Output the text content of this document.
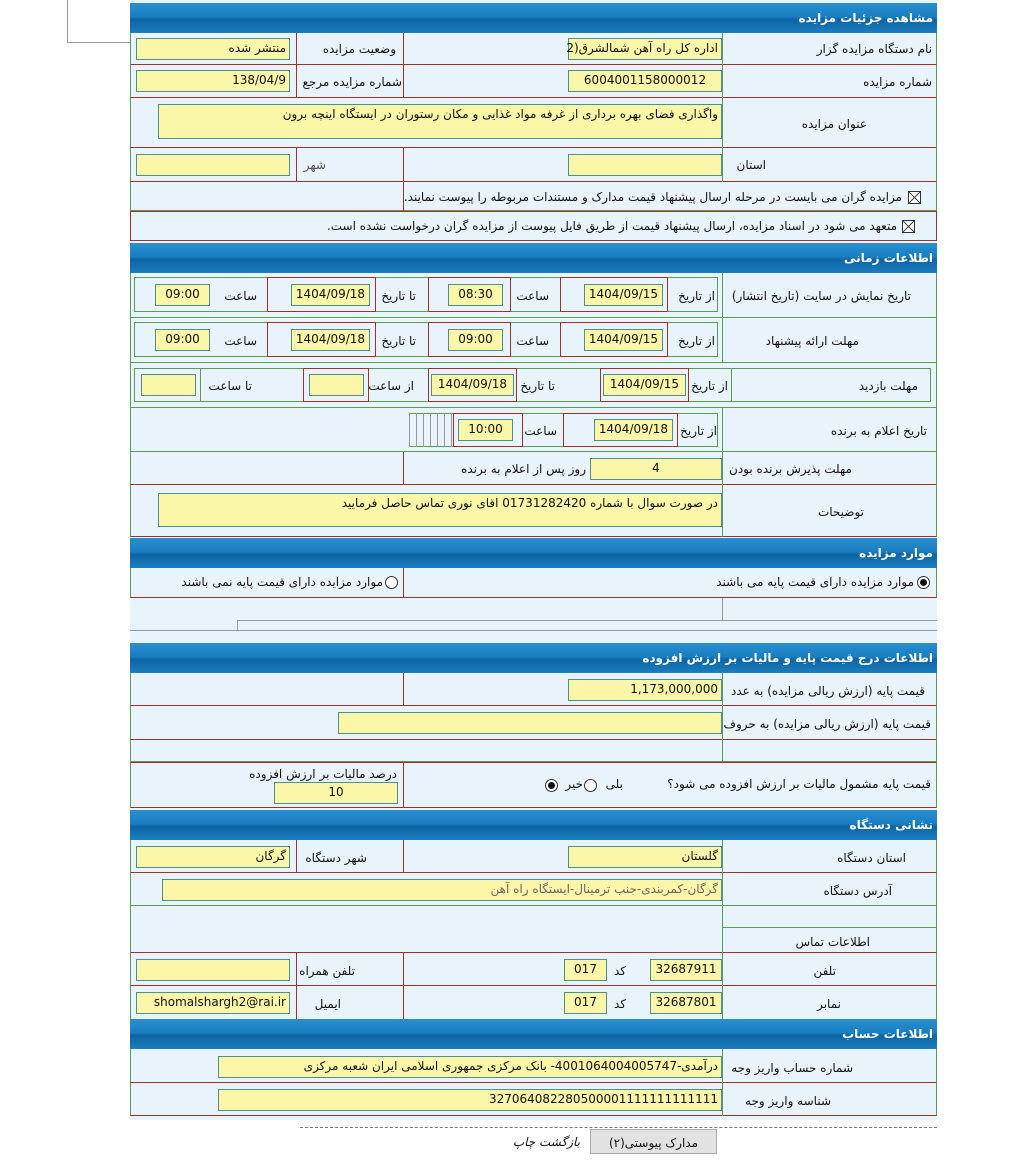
مشاهده جزئیات مزایده
نام دستگاه مزایده گزار
اداره کل راه آهن شمالشرق(2
وضعیت مزایده
منتشر شده
شماره مزایده
6004001158000012
شماره مزایده مرجع
138/04/9
عنوان مزایده
واگذاری فضای بهره برداری از غرفه مواد غذایی و مکان رستوران در ایستگاه اینچه برون
استان
شهر
مزایده گران می بایست در مرحله ارسال پیشنهاد قیمت مدارک و مستندات مربوطه را پیوست نمایند.
متعهد می شود در اسناد مزایده، ارسال پیشنهاد قیمت از طریق فایل پیوست از مزایده گران درخواست نشده است.
اطلاعات زمانی
تاریخ نمایش در سایت (تاریخ انتشار)
از تاریخ
1404/09/15
ساعت
08:30
تا تاریخ
1404/09/18
ساعت
09:00
مهلت ارائه پیشنهاد
از تاریخ
1404/09/15
ساعت
09:00
تا تاریخ
1404/09/18
ساعت
09:00
مهلت بازدید
از تاریخ
1404/09/15
تا تاریخ
1404/09/18
از ساعت
تا ساعت
تاریخ اعلام به برنده
از تاریخ
1404/09/18
ساعت
10:00
مهلت پذیرش برنده بودن
4
روز پس از اعلام به برنده
توضیحات
در صورت سوال با شماره 01731282420 اقای نوری تماس حاصل فرمایید
موارد مزایده
موارد مزایده دارای قیمت پایه می باشند
موارد مزایده دارای قیمت پایه نمی باشند
اطلاعات درج قیمت پایه و مالیات بر ارزش افزوده
قیمت پایه (ارزش ریالی مزایده) به عدد
1,173,000,000
قیمت پایه (ارزش ریالی مزایده) به حروف
قیمت پایه مشمول مالیات بر ارزش افزوده می شود؟
بلی
خیر
درصد مالیات بر ارزش افزوده
10
نشانی دستگاه
استان دستگاه
گلستان
شهر دستگاه
گرگان
آدرس دستگاه
گرگان-کمربندی-جنب ترمینال-ایستگاه راه آهن
اطلاعات تماس
تلفن
32687911
کد
017
تلفن همراه
نمابر
32687801
کد
017
ایمیل
shomalshargh2@rai.ir
اطلاعات حساب
شماره حساب واریز وجه
درآمدی-4001064004005747- بانک مرکزی جمهوری اسلامی ایران شعبه مرکزی
شناسه واریز وجه
327064082280500001111111111111
مدارک پیوستی(۲)
بازگشت چاپ
